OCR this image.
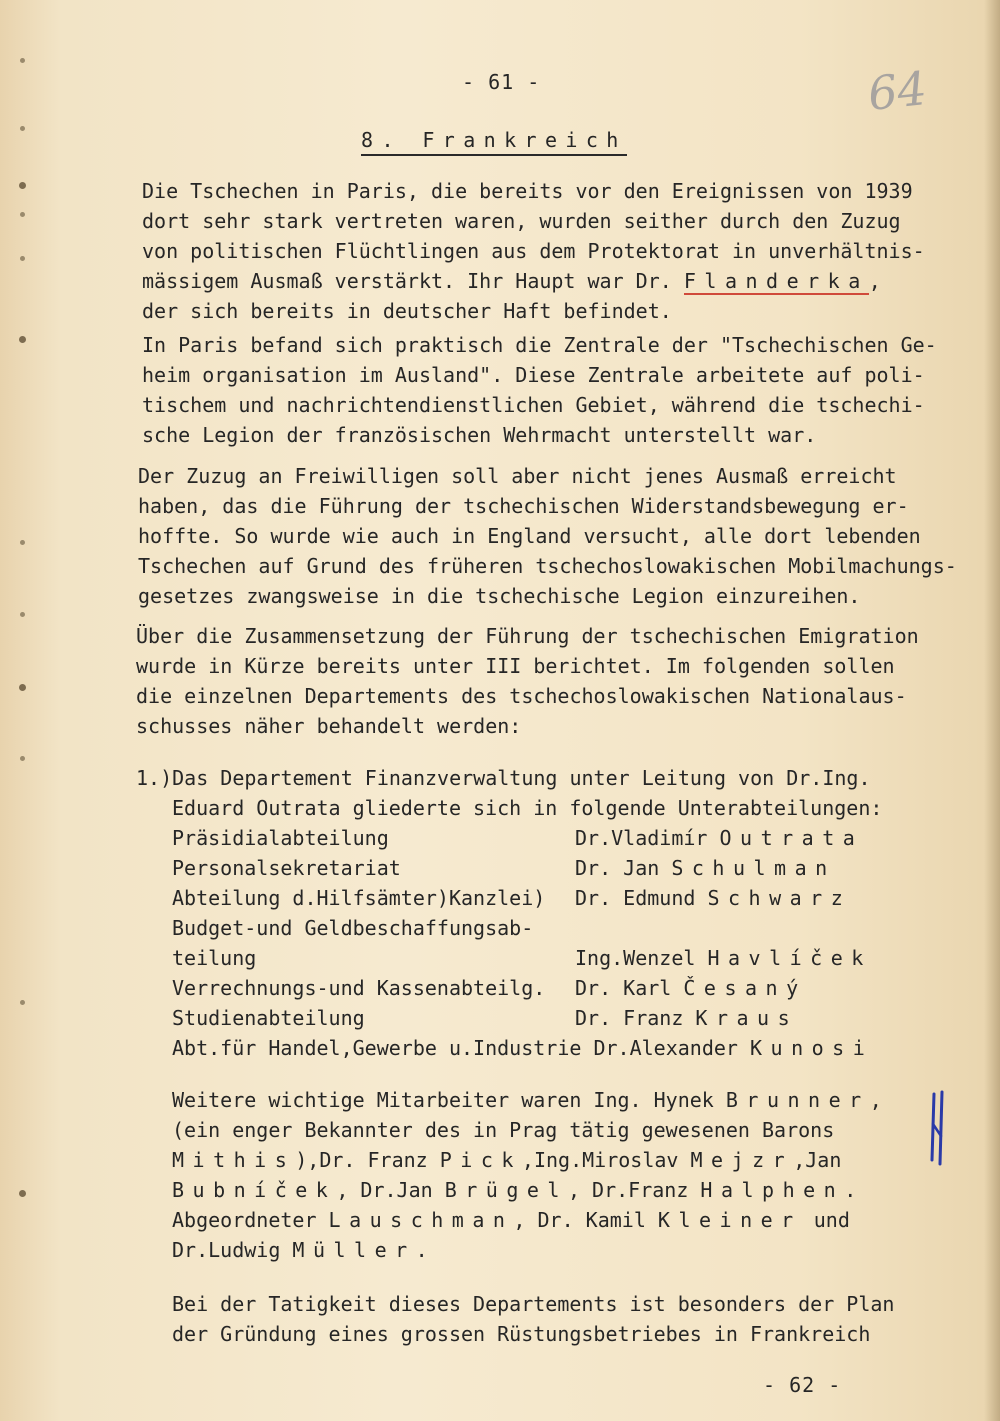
- 61 -	64
8. Frankreich
Die Tschechen in Paris, die bereits vor den Ereignissen von 1939
dort sehr stark vertreten waren, wurden seither durch den Zuzug
von politischen Flüchtlingen aus dem Protektorat in unverhältnis-
mässigem Ausmaß verstärkt. Ihr Haupt war Dr. Flanderka,
der sich bereits in deutscher Haft befindet.
In Paris befand sich praktisch die Zentrale der "Tschechischen Ge-
heim organisation im Ausland". Diese Zentrale arbeitete auf poli-
tischem und nachrichtendienstlichen Gebiet, während die tschechi-
sche Legion der französischen Wehrmacht unterstellt war.
Der Zuzug an Freiwilligen soll aber nicht jenes Ausmaß erreicht
haben, das die Führung der tschechischen Widerstandsbewegung er-
hoffte. So wurde wie auch in England versucht, alle dort lebenden
Tschechen auf Grund des früheren tschechoslowakischen Mobilmachungs-
gesetzes zwangsweise in die tschechische Legion einzureihen.
Über die Zusammensetzung der Führung der tschechischen Emigration
wurde in Kürze bereits unter III berichtet. Im folgenden sollen
die einzelnen Departements des tschechoslowakischen Nationalaus-
schusses näher behandelt werden:
1.)Das Departement Finanzverwaltung unter Leitung von Dr.Ing.
Eduard Outrata gliederte sich in folgende Unterabteilungen:
Präsidialabteilung	Dr.Vladimír Outrata
Personalsekretariat	Dr. Jan Schulman
Abteilung d.Hilfsämter)Kanzlei) Dr. Edmund Schwarz
Budget-und Geldbeschaffungsab-
teilung	Ing.Wenzel Havlíček
Verrechnungs-und Kassenabteilg. Dr. Karl Česaný
Studienabteilung	Dr. Franz Kraus
Abt.für Handel,Gewerbe u.Industrie Dr.Alexander Kunosi
Weitere wichtige Mitarbeiter waren Ing. Hynek Brunner,
(ein enger Bekannter des in Prag tätig gewesenen Barons
Mithis),Dr. Franz Pick,Ing.Miroslav Mejzr,Jan
Bubníček, Dr.Jan Brügel, Dr.Franz Halphen.
Abgeordneter Lauschman, Dr. Kamil Kleiner und
Dr.Ludwig Müller.
Bei der Tatigkeit dieses Departements ist besonders der Plan
der Gründung eines grossen Rüstungsbetriebes in Frankreich
- 62 -
